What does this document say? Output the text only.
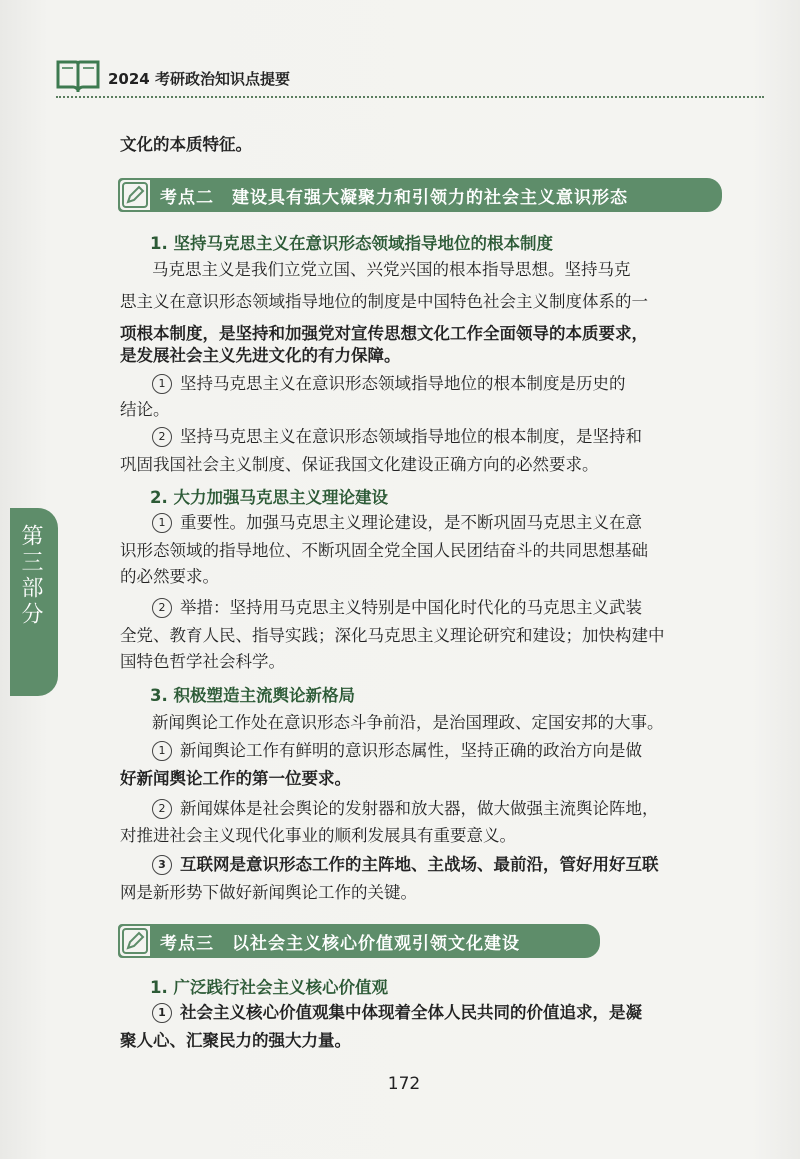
2024 考研政治知识点提要
第三部分
文化的本质特征。
考点二　建设具有强大凝聚力和引领力的社会主义意识形态
1. 坚持马克思主义在意识形态领域指导地位的根本制度
马克思主义是我们立党立国、兴党兴国的根本指导思想。坚持马克
思主义在意识形态领域指导地位的制度是中国特色社会主义制度体系的一
项根本制度，是坚持和加强党对宣传思想文化工作全面领导的本质要求，
是发展社会主义先进文化的有力保障。
1 坚持马克思主义在意识形态领域指导地位的根本制度是历史的
结论。
2 坚持马克思主义在意识形态领域指导地位的根本制度，是坚持和
巩固我国社会主义制度、保证我国文化建设正确方向的必然要求。
2. 大力加强马克思主义理论建设
1 重要性。加强马克思主义理论建设，是不断巩固马克思主义在意
识形态领域的指导地位、不断巩固全党全国人民团结奋斗的共同思想基础
的必然要求。
2 举措：坚持用马克思主义特别是中国化时代化的马克思主义武装
全党、教育人民、指导实践；深化马克思主义理论研究和建设；加快构建中
国特色哲学社会科学。
3. 积极塑造主流舆论新格局
新闻舆论工作处在意识形态斗争前沿，是治国理政、定国安邦的大事。
1 新闻舆论工作有鲜明的意识形态属性，坚持正确的政治方向是做
好新闻舆论工作的第一位要求。
2 新闻媒体是社会舆论的发射器和放大器，做大做强主流舆论阵地，
对推进社会主义现代化事业的顺利发展具有重要意义。
3 互联网是意识形态工作的主阵地、主战场、最前沿，管好用好互联
网是新形势下做好新闻舆论工作的关键。
考点三　以社会主义核心价值观引领文化建设
1. 广泛践行社会主义核心价值观
1 社会主义核心价值观集中体现着全体人民共同的价值追求，是凝
聚人心、汇聚民力的强大力量。
172
